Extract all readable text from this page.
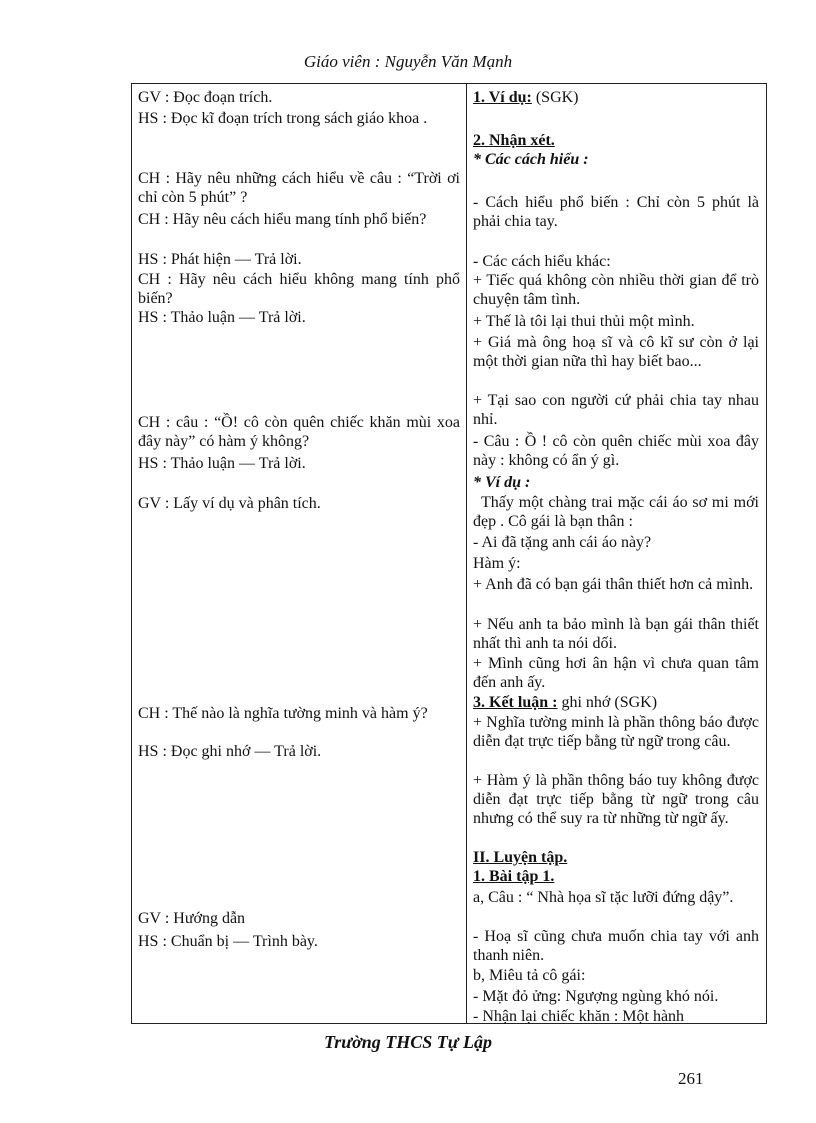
Giáo viên : Nguyễn Văn Mạnh
GV : Đọc đoạn trích.
HS : Đọc kĩ đoạn trích trong sách giáo khoa .
CH : Hãy nêu những cách hiểu về câu : “Trời ơi chỉ còn 5 phút” ?
CH : Hãy nêu cách hiểu mang tính phổ biến?
HS : Phát hiện — Trả lời.
CH : Hãy nêu cách hiểu không mang tính phổ biến?
HS : Thảo luận — Trả lời.
CH : câu : “Ồ! cô còn quên chiếc khăn mùi xoa đây này” có hàm ý không?
HS : Thảo luận — Trả lời.
GV : Lấy ví dụ và phân tích.
CH : Thế nào là nghĩa tường minh và hàm ý?
HS : Đọc ghi nhớ — Trả lời.
GV : Hướng dẫn
HS : Chuẩn bị — Trình bày.
1. Ví dụ: (SGK)
2. Nhận xét.
* Các cách hiểu :
- Cách hiểu phổ biến : Chỉ còn 5 phút là phải chia tay.
- Các cách hiểu khác:
+ Tiếc quá không còn nhiều thời gian để trò chuyện tâm tình.
+ Thế là tôi lại thui thủi một mình.
+ Giá mà ông hoạ sĩ và cô kĩ sư còn ở lại một thời gian nữa thì hay biết bao...
+ Tại sao con người cứ phải chia tay nhau nhỉ.
- Câu : Ồ ! cô còn quên chiếc mùi xoa đây này : không có ẩn ý gì.
* Ví dụ :
Thấy một chàng trai mặc cái áo sơ mi mới đẹp . Cô gái là bạn thân :
- Ai đã tặng anh cái áo này?
Hàm ý:
+ Anh đã có bạn gái thân thiết hơn cả mình.
+ Nếu anh ta bảo mình là bạn gái thân thiết nhất thì anh ta nói dối.
+ Mình cũng hơi ân hận vì chưa quan tâm đến anh ấy.
3. Kết luận : ghi nhớ (SGK)
+ Nghĩa tường minh là phần thông báo được diễn đạt trực tiếp bằng từ ngữ trong câu.
+ Hàm ý là phần thông báo tuy không được diễn đạt trực tiếp bằng từ ngữ trong câu nhưng có thể suy ra từ những từ ngữ ấy.
II. Luyện tập.
1. Bài tập 1.
a, Câu : “ Nhà họa sĩ tặc lưỡi đứng dậy”.
- Hoạ sĩ cũng chưa muốn chia tay với anh thanh niên.
b, Miêu tả cô gái:
- Mặt đỏ ửng: Ngượng ngùng khó nói.
- Nhận lại chiếc khăn : Một hành
Trường THCS Tự Lập
261
